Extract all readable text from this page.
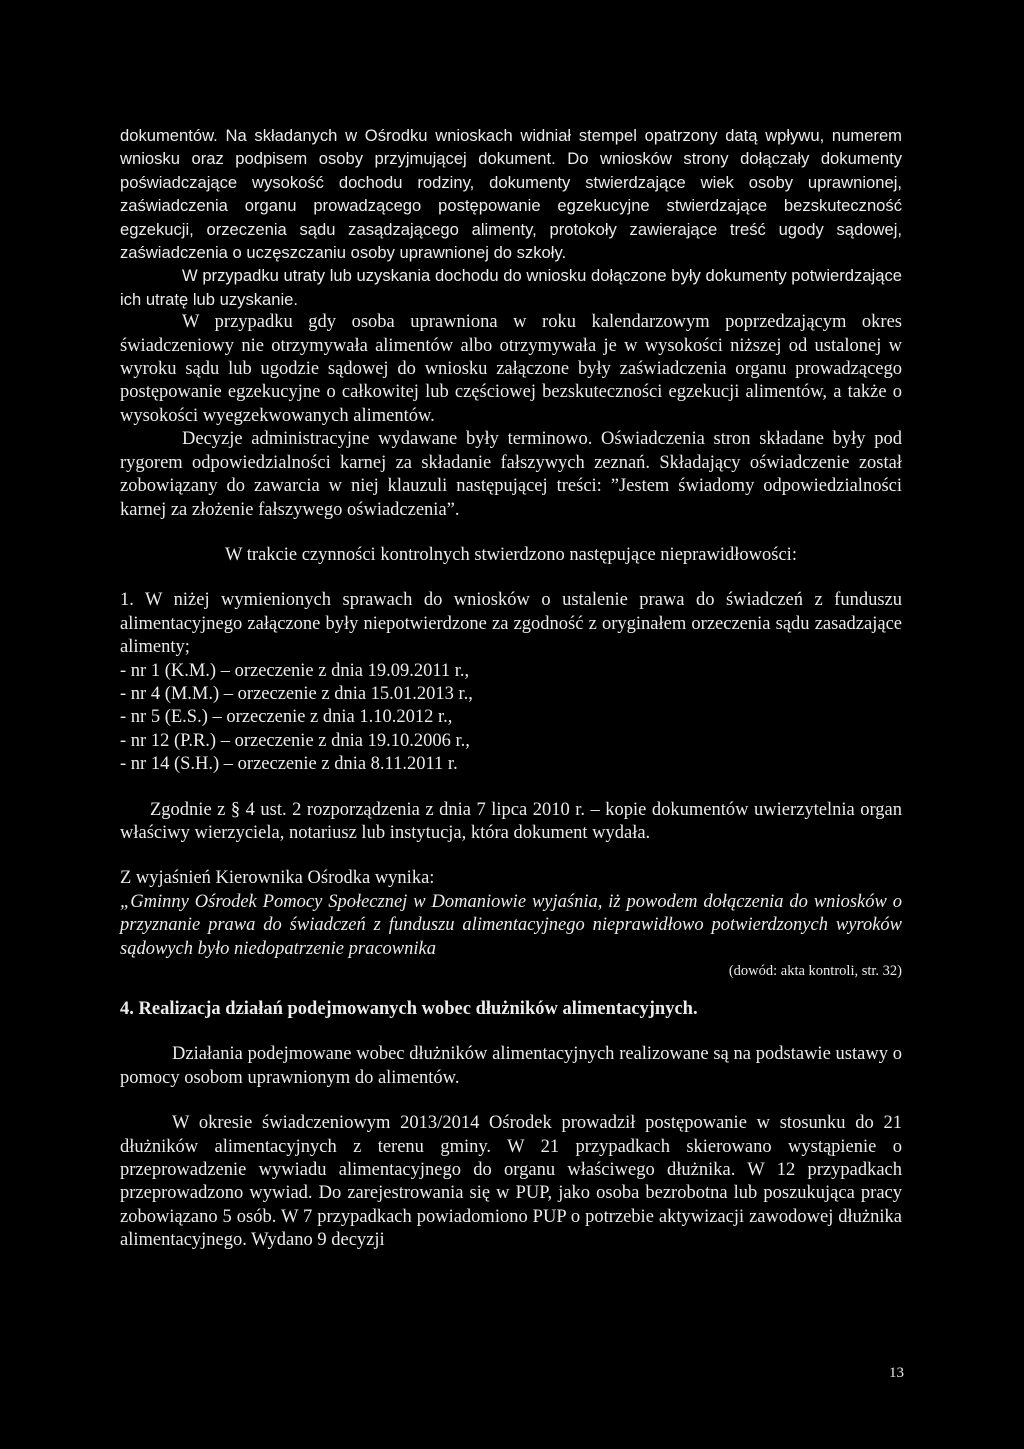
dokumentów. Na składanych w Ośrodku wnioskach widniał stempel opatrzony datą wpływu, numerem wniosku oraz podpisem osoby przyjmującej dokument. Do wniosków strony dołączały dokumenty poświadczające wysokość dochodu rodziny, dokumenty stwierdzające wiek osoby uprawnionej, zaświadczenia organu prowadzącego postępowanie egzekucyjne stwierdzające bezskuteczność egzekucji, orzeczenia sądu zasądzającego alimenty, protokoły zawierające treść ugody sądowej, zaświadczenia o uczęszczaniu osoby uprawnionej do szkoły.

W przypadku utraty lub uzyskania dochodu do wniosku dołączone były dokumenty potwierdzające ich utratę lub uzyskanie.

W przypadku gdy osoba uprawniona w roku kalendarzowym poprzedzającym okres świadczeniowy nie otrzymywała alimentów albo otrzymywała je w wysokości niższej od ustalonej w wyroku sądu lub ugodzie sądowej do wniosku załączone były zaświadczenia organu prowadzącego postępowanie egzekucyjne o całkowitej lub częściowej bezskuteczności egzekucji alimentów, a także o wysokości wyegzekwowanych alimentów.

Decyzje administracyjne wydawane były terminowo. Oświadczenia stron składane były pod rygorem odpowiedzialności karnej za składanie fałszywych zeznań. Składający oświadczenie został zobowiązany do zawarcia w niej klauzuli następującej treści: ”Jestem świadomy odpowiedzialności karnej za złożenie fałszywego oświadczenia”.

W trakcie czynności kontrolnych stwierdzono następujące nieprawidłowości:

1. W niżej wymienionych sprawach do wniosków o ustalenie prawa do świadczeń z funduszu alimentacyjnego załączone były niepotwierdzone za zgodność z oryginałem orzeczenia sądu zasadzające alimenty;

- nr 1 (K.M.) – orzeczenie z dnia 19.09.2011 r.,

- nr 4 (M.M.) – orzeczenie z dnia 15.01.2013 r.,

- nr 5 (E.S.) – orzeczenie z dnia 1.10.2012 r.,

- nr 12 (P.R.) – orzeczenie z dnia 19.10.2006 r.,

- nr 14 (S.H.) – orzeczenie z dnia 8.11.2011 r.

Zgodnie z § 4 ust. 2 rozporządzenia z dnia 7 lipca 2010 r. – kopie dokumentów uwierzytelnia organ właściwy wierzyciela, notariusz lub instytucja, która dokument wydała.

Z wyjaśnień Kierownika Ośrodka wynika:

„Gminny Ośrodek Pomocy Społecznej w Domaniowie wyjaśnia, iż powodem dołączenia do wniosków o przyznanie prawa do świadczeń z funduszu alimentacyjnego nieprawidłowo potwierdzonych wyroków sądowych było niedopatrzenie pracownika

(dowód: akta kontroli, str. 32)

4. Realizacja działań podejmowanych wobec dłużników alimentacyjnych.

Działania podejmowane wobec dłużników alimentacyjnych realizowane są na podstawie ustawy o pomocy osobom uprawnionym do alimentów.

W okresie świadczeniowym 2013/2014 Ośrodek prowadził postępowanie w stosunku do 21 dłużników alimentacyjnych z terenu gminy. W 21 przypadkach skierowano wystąpienie o przeprowadzenie wywiadu alimentacyjnego do organu właściwego dłużnika. W 12 przypadkach przeprowadzono wywiad. Do zarejestrowania się w PUP, jako osoba bezrobotna lub poszukująca pracy zobowiązano 5 osób. W 7 przypadkach powiadomiono PUP o potrzebie aktywizacji zawodowej dłużnika alimentacyjnego. Wydano 9 decyzji

13
